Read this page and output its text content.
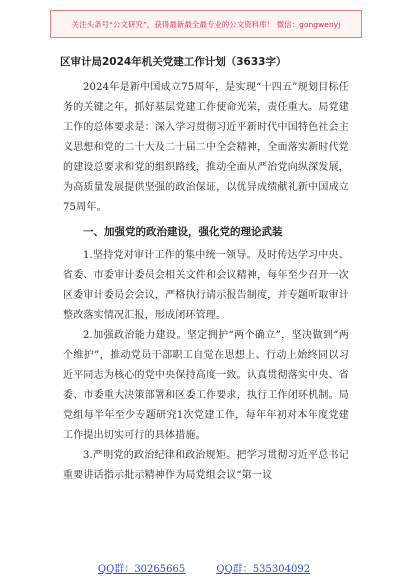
关注头条号“公文研究”，获得最新最全最专业的公文资料库！ 微信：gongwenyj
区审计局2024年机关党建工作计划（3633字）

2024年是新中国成立75周年，是实现“十四五”规划目标任务的关键之年，抓好基层党建工作使命光荣，责任重大。局党建工作的总体要求是：深入学习贯彻习近平新时代中国特色社会主义思想和党的二十大及二十届二中全会精神，全面落实新时代党的建设总要求和党的组织路线，推动全面从严治党向纵深发展，为高质量发展提供坚强的政治保证，以优异成绩献礼新中国成立75周年。

一、加强党的政治建设，强化党的理论武装

1.坚持党对审计工作的集中统一领导。及时传达学习中央、省委、市委审计委员会相关文件和会议精神，每年至少召开一次区委审计委员会会议，严格执行请示报告制度，并专题听取审计整改落实情况汇报，形成闭环管理。

2.加强政治能力建设。坚定拥护“两个确立”，坚决做到“两个维护”，推动党员干部职工自觉在思想上、行动上始终同以习近平同志为核心的党中央保持高度一致。认真贯彻落实中央、省委、市委重大决策部署和区委工作要求，执行工作闭环机制。局党组每半年至少专题研究1次党建工作，每年年初对本年度党建工作提出切实可行的具体措施。

3.严明党的政治纪律和政治规矩。把学习贯彻习近平总书记重要讲话指示批示精神作为局党组会议“第一议

QQ群：30265665	QQ群：535304092
